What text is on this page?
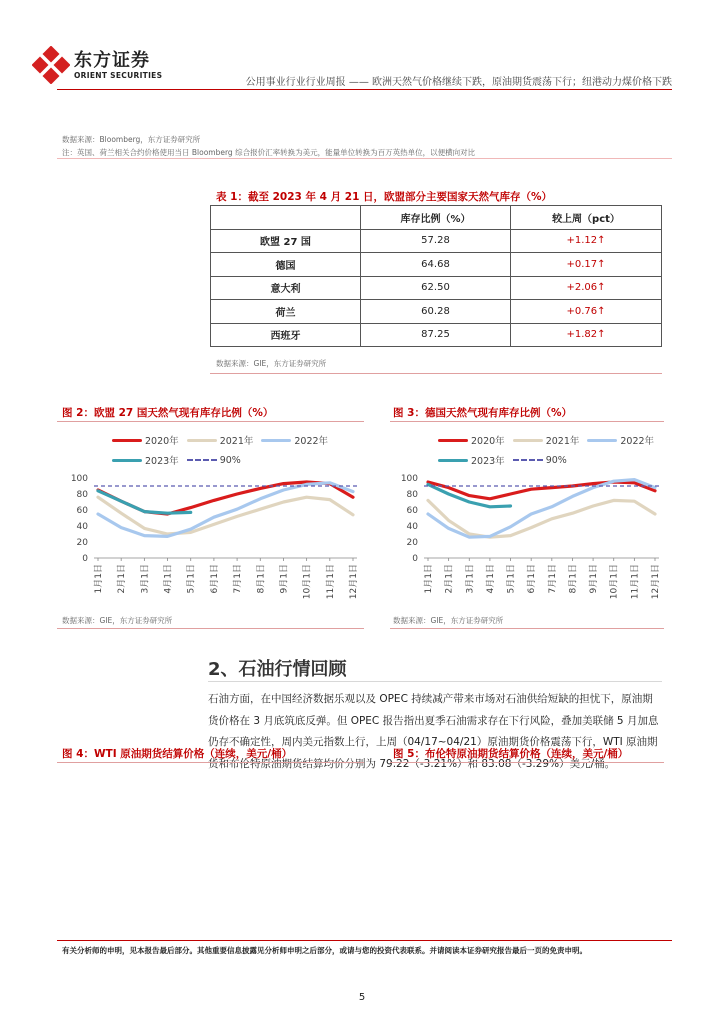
东方证券
ORIENT SECURITIES
公用事业行业行业周报 —— 欧洲天然气价格继续下跌，原油期货震荡下行；纽港动力煤价格下跌
数据来源：Bloomberg，东方证券研究所
注：英国、荷兰相关合约价格使用当日 Bloomberg 综合报价汇率转换为美元，能量单位转换为百万英热单位，以便横向对比
表 1：截至 2023 年 4 月 21 日，欧盟部分主要国家天然气库存（%）
	库存比例（%）	较上周（pct）
欧盟 27 国	57.28	+1.12↑
德国	64.68	+0.17↑
意大利	62.50	+2.06↑
荷兰	60.28	+0.76↑
西班牙	87.25	+1.82↑
数据来源：GIE，东方证券研究所
图 2：欧盟 27 国天然气现有库存比例（%）
2020年	2021年	2022年
2023年	90%
0
20
40
60
80
100
1月1日 2月1日 3月1日 4月1日 5月1日 6月1日 7月1日 8月1日 9月1日 10月1日 11月1日 12月1日
数据来源：GIE，东方证券研究所
图 3：德国天然气现有库存比例（%）
2020年	2021年	2022年
2023年	90%
0
20
40
60
80
100
1月1日 2月1日 3月1日 4月1日 5月1日 6月1日 7月1日 8月1日 9月1日 10月1日 11月1日 12月1日
数据来源：GIE，东方证券研究所
2、石油行情回顾
石油方面，在中国经济数据乐观以及 OPEC 持续减产带来市场对石油供给短缺的担忧下，原油期
货价格在 3 月底筑底反弹。但 OPEC 报告指出夏季石油需求存在下行风险，叠加美联储 5 月加息
仍存不确定性，周内美元指数上行，上周（04/17~04/21）原油期货价格震荡下行，WTI 原油期
货和布伦特原油期货结算均价分别为 79.22（-3.21%）和 83.08（-3.29%）美元/桶。
图 4：WTI 原油期货结算价格（连续，美元/桶）	图 5：布伦特原油期货结算价格（连续，美元/桶）
有关分析师的申明，见本报告最后部分。其他重要信息披露见分析师申明之后部分，或请与您的投资代表联系。并请阅读本证券研究报告最后一页的免责申明。
5
